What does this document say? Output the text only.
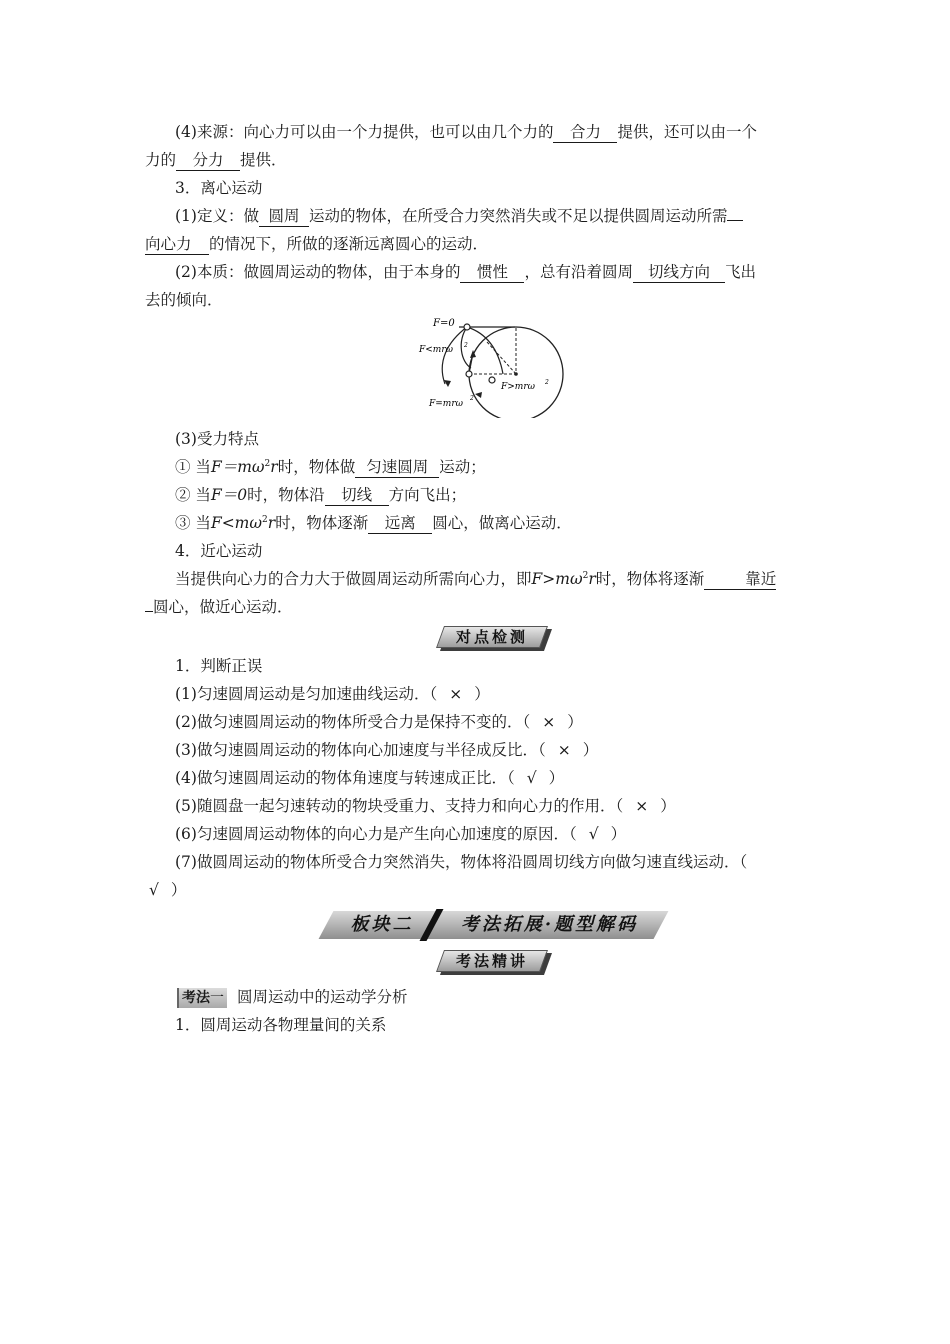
(4)来源：向心力可以由一个力提供，也可以由几个力的 合力 提供，还可以由一个
力的 分力 提供．
3．离心运动
(1)定义：做 圆周 运动的物体，在所受合力突然消失或不足以提供圆周运动所需
向心力 的情况下，所做的逐渐远离圆心的运动．
(2)本质：做圆周运动的物体，由于本身的 惯性 ，总有沿着圆周 切线方向 飞出
去的倾向．
F=0
F<mrω 2
F>mrω 2
F=mrω
2
(3)受力特点
① 当$F=m\omega^2r$时，物体做 匀速圆周 运动；
② 当F＝0时，物体沿 切线 方向飞出；
③ 当$F<m\omega^2r$时，物体逐渐 远离 圆心，做离心运动．
4．近心运动
当提供向心力的合力大于做圆周运动所需向心力，即$F>m\omega^2r$时，物体将逐渐	靠近
圆心，做近心运动．
对点检测
1．判断正误
(1)匀速圆周运动是匀加速曲线运动．（ × ）
(2)做匀速圆周运动的物体所受合力是保持不变的．（ × ）
(3)做匀速圆周运动的物体向心加速度与半径成反比．（ × ）
(4)做匀速圆周运动的物体角速度与转速成正比．（ √ ）
(5)随圆盘一起匀速转动的物块受重力、支持力和向心力的作用．（ × ）
(6)匀速圆周运动物体的向心力是产生向心加速度的原因．（ √ ）
(7)做圆周运动的物体所受合力突然消失，物体将沿圆周切线方向做匀速直线运动．（
√ ）
板块二	考法拓展·题型解码
考法精讲
考法一 圆周运动中的运动学分析
1．圆周运动各物理量间的关系
